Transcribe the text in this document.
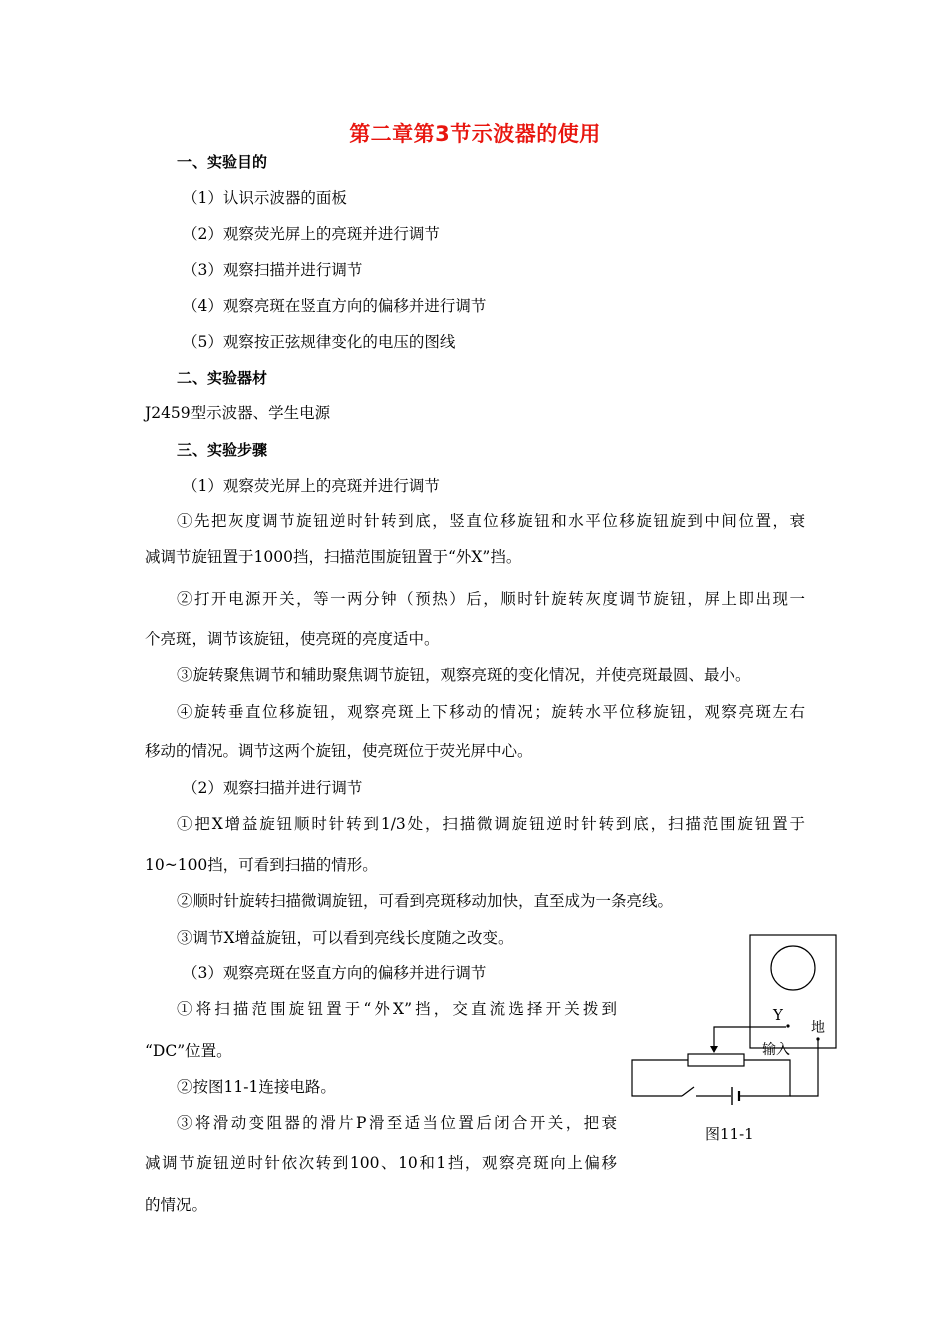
第二章第3节示波器的使用
一、实验目的
（1）认识示波器的面板
（2）观察荧光屏上的亮斑并进行调节
（3）观察扫描并进行调节
（4）观察亮斑在竖直方向的偏移并进行调节
（5）观察按正弦规律变化的电压的图线
二、实验器材
J2459型示波器、学生电源
三、实验步骤
（1）观察荧光屏上的亮斑并进行调节
①先把灰度调节旋钮逆时针转到底，竖直位移旋钮和水平位移旋钮旋到中间位置，衰
减调节旋钮置于1000挡，扫描范围旋钮置于“外X”挡。
②打开电源开关，等一两分钟（预热）后，顺时针旋转灰度调节旋钮，屏上即出现一
个亮斑，调节该旋钮，使亮斑的亮度适中。
③旋转聚焦调节和辅助聚焦调节旋钮，观察亮斑的变化情况，并使亮斑最圆、最小。
④旋转垂直位移旋钮，观察亮斑上下移动的情况；旋转水平位移旋钮，观察亮斑左右
移动的情况。调节这两个旋钮，使亮斑位于荧光屏中心。
（2）观察扫描并进行调节
①把X增益旋钮顺时针转到1/3处，扫描微调旋钮逆时针转到底，扫描范围旋钮置于
10~100挡，可看到扫描的情形。
②顺时针旋转扫描微调旋钮，可看到亮斑移动加快，直至成为一条亮线。
③调节X增益旋钮，可以看到亮线长度随之改变。
（3）观察亮斑在竖直方向的偏移并进行调节
①将扫描范围旋钮置于“外X”挡，交直流选择开关拨到
“DC”位置。
②按图11-1连接电路。
③将滑动变阻器的滑片P滑至适当位置后闭合开关，把衰
减调节旋钮逆时针依次转到100、10和1挡，观察亮斑向上偏移
的情况。
Y
地
输入
图11-1
